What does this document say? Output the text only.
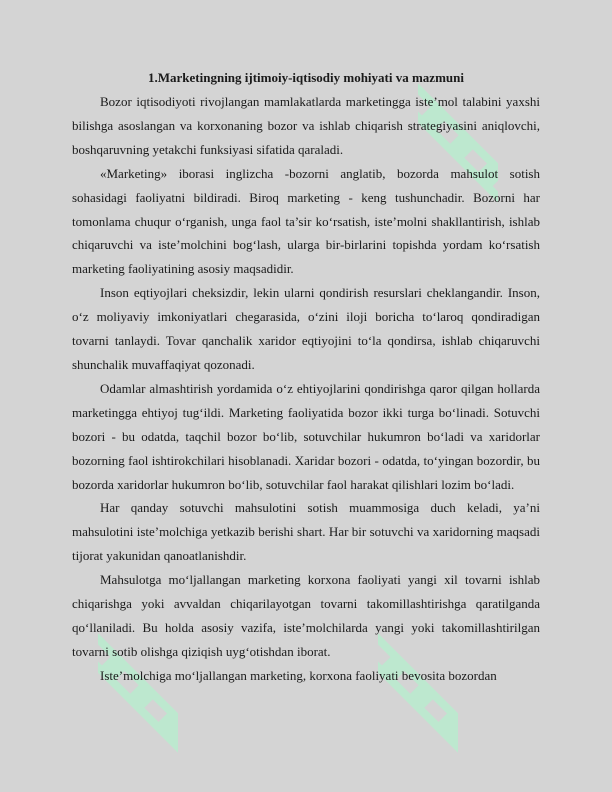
1.Marketingning ijtimoiy-iqtisodiy mohiyati va mazmuni

Bozor iqtisodiyoti rivojlangan mamlakatlarda marketingga iste’mol talabini yaxshi bilishga asoslangan va korxonaning bozor va ishlab chiqarish strategiyasini aniqlovchi, boshqaruvning yetakchi funksiyasi sifatida qaraladi.

«Marketing» iborasi inglizcha -bozorni anglatib, bozorda mahsulot sotish sohasidagi faoliyatni bildiradi. Biroq marketing - keng tushunchadir. Bozorni har tomonlama chuqur o‘rganish, unga faol ta’sir ko‘rsatish, iste’molni shakllantirish, ishlab chiqaruvchi va iste’molchini bog‘lash, ularga bir-birlarini topishda yordam ko‘rsatish marketing faoliyatining asosiy maqsadidir.

Inson eqtiyojlari cheksizdir, lekin ularni qondirish resurslari cheklangandir. Inson, o‘z moliyaviy imkoniyatlari chegarasida, o‘zini iloji boricha to‘laroq qondiradigan tovarni tanlaydi. Tovar qanchalik xaridor eqtiyojini to‘la qondirsa, ishlab chiqaruvchi shunchalik muvaffaqiyat qozonadi.

Odamlar almashtirish yordamida o‘z ehtiyojlarini qondirishga qaror qilgan hollarda marketingga ehtiyoj tug‘ildi. Marketing faoliyatida bozor ikki turga bo‘linadi. Sotuvchi bozori - bu odatda, taqchil bozor bo‘lib, sotuvchilar hukumron bo‘ladi va xaridorlar bozorning faol ishtirokchilari hisoblanadi. Xaridar bozori - odatda, to‘yingan bozordir, bu bozorda xaridorlar hukumron bo‘lib, sotuvchilar faol harakat qilishlari lozim bo‘ladi.

Har qanday sotuvchi mahsulotini sotish muammosiga duch keladi, ya’ni mahsulotini iste’molchiga yetkazib berishi shart. Har bir sotuvchi va xaridorning maqsadi tijorat yakunidan qanoatlanishdir.

Mahsulotga mo‘ljallangan marketing korxona faoliyati yangi xil tovarni ishlab chiqarishga yoki avvaldan chiqarilayotgan tovarni takomillashtirishga qaratilganda qo‘llaniladi. Bu holda asosiy vazifa, iste’molchilarda yangi yoki takomillashtirilgan tovarni sotib olishga qiziqish uyg‘otishdan iborat.

Iste’molchiga mo‘ljallangan marketing, korxona faoliyati bevosita bozordan
